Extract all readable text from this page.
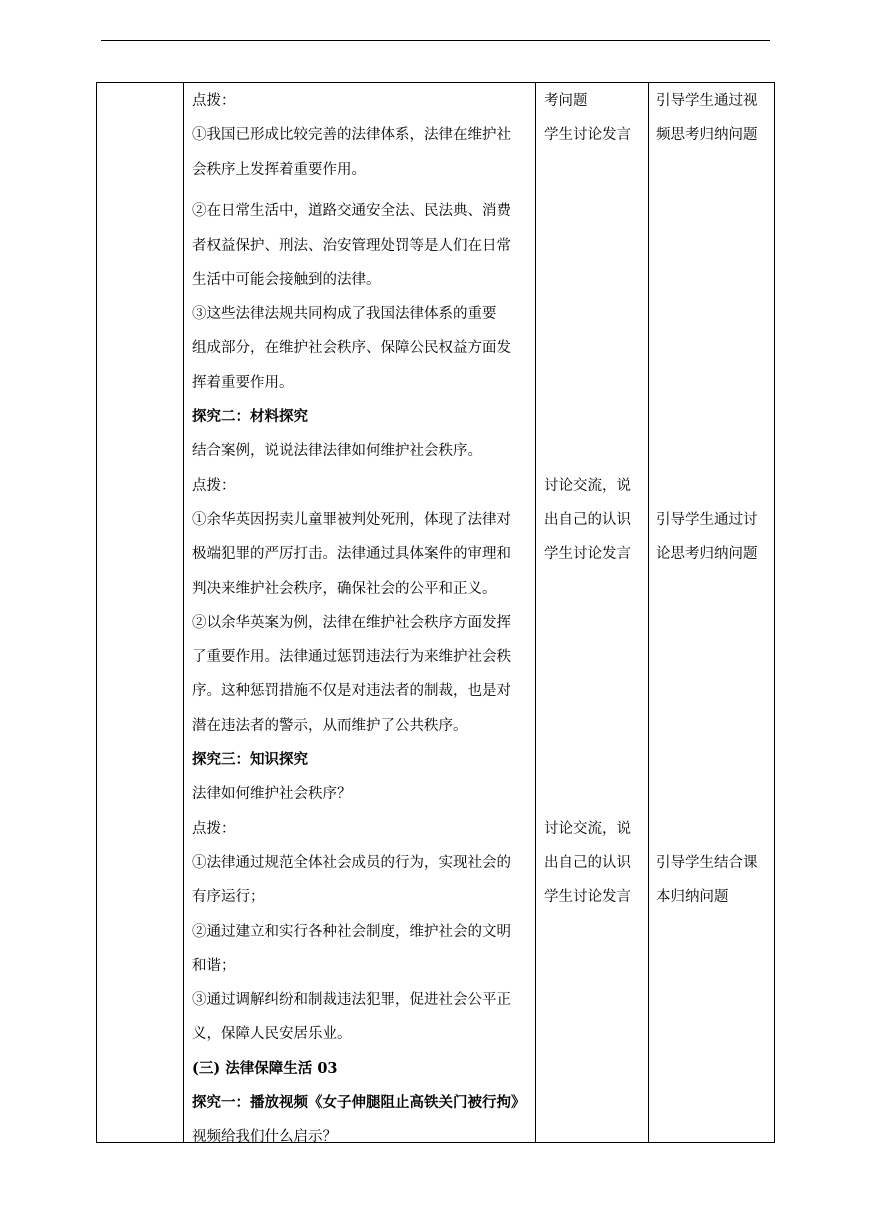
点拨：
①我国已形成比较完善的法律体系，法律在维护社
会秩序上发挥着重要作用。
②在日常生活中，道路交通安全法、民法典、消费
者权益保护、刑法、治安管理处罚等是人们在日常
生活中可能会接触到的法律。
③这些法律法规共同构成了我国法律体系的重要
组成部分，在维护社会秩序、保障公民权益方面发
挥着重要作用。
探究二：材料探究
结合案例，说说法律法律如何维护社会秩序。
点拨：
①余华英因拐卖儿童罪被判处死刑，体现了法律对
极端犯罪的严厉打击。法律通过具体案件的审理和
判决来维护社会秩序，确保社会的公平和正义。
②以余华英案为例，法律在维护社会秩序方面发挥
了重要作用。法律通过惩罚违法行为来维护社会秩
序。这种惩罚措施不仅是对违法者的制裁，也是对
潜在违法者的警示，从而维护了公共秩序。
探究三：知识探究
法律如何维护社会秩序？
点拨：
①法律通过规范全体社会成员的行为，实现社会的
有序运行；
②通过建立和实行各种社会制度，维护社会的文明
和谐；
③通过调解纠纷和制裁违法犯罪，促进社会公平正
义，保障人民安居乐业。
(三) 法律保障生活 03
探究一：播放视频《女子伸腿阻止高铁关门被行拘》
视频给我们什么启示？
考问题
学生讨论发言
讨论交流，说
出自己的认识
学生讨论发言
讨论交流，说
出自己的认识
学生讨论发言
引导学生通过视
频思考归纳问题
引导学生通过讨
论思考归纳问题
引导学生结合课
本归纳问题
